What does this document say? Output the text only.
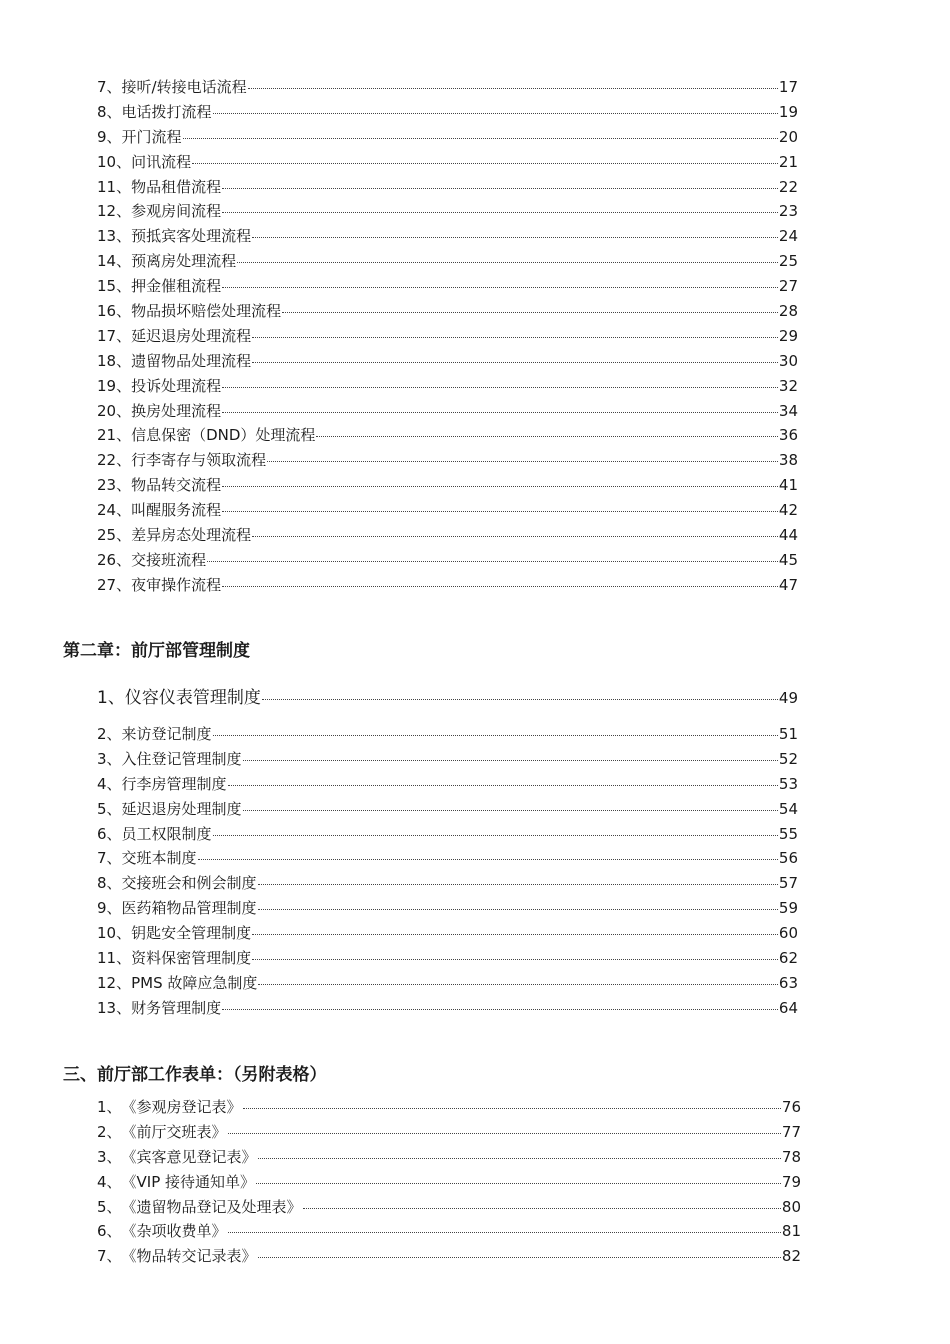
7、 接听/转接电话流程	17
8、 电话拨打流程	19
9、 开门流程	20
10、 问讯流程	21
11、 物品租借流程	22
12、 参观房间流程	23
13、 预抵宾客处理流程	24
14、 预离房处理流程	25
15、 押金催租流程	27
16、 物品损坏赔偿处理流程	28
17、 延迟退房处理流程	29
18、 遗留物品处理流程	30
19、 投诉处理流程	32
20、 换房处理流程	34
21、 信息保密（DND）处理流程	36
22、 行李寄存与领取流程	38
23、 物品转交流程	41
24、 叫醒服务流程	42
25、 差异房态处理流程	44
26、 交接班流程	45
27、 夜审操作流程	47
第二章：前厅部管理制度
1、 仪容仪表管理制度	49
2、 来访登记制度	51
3、 入住登记管理制度	52
4、 行李房管理制度	53
5、 延迟退房处理制度	54
6、 员工权限制度	55
7、 交班本制度	56
8、 交接班会和例会制度	57
9、 医药箱物品管理制度	59
10、 钥匙安全管理制度	60
11、 资料保密管理制度	62
12、 PMS 故障应急制度	63
13、 财务管理制度	64
三、前厅部工作表单：（另附表格）
1、 《参观房登记表》	76
2、 《前厅交班表》	77
3、 《宾客意见登记表》	78
4、 《VIP 接待通知单》	79
5、 《遗留物品登记及处理表》	80
6、 《杂项收费单》	81
7、 《物品转交记录表》	82
